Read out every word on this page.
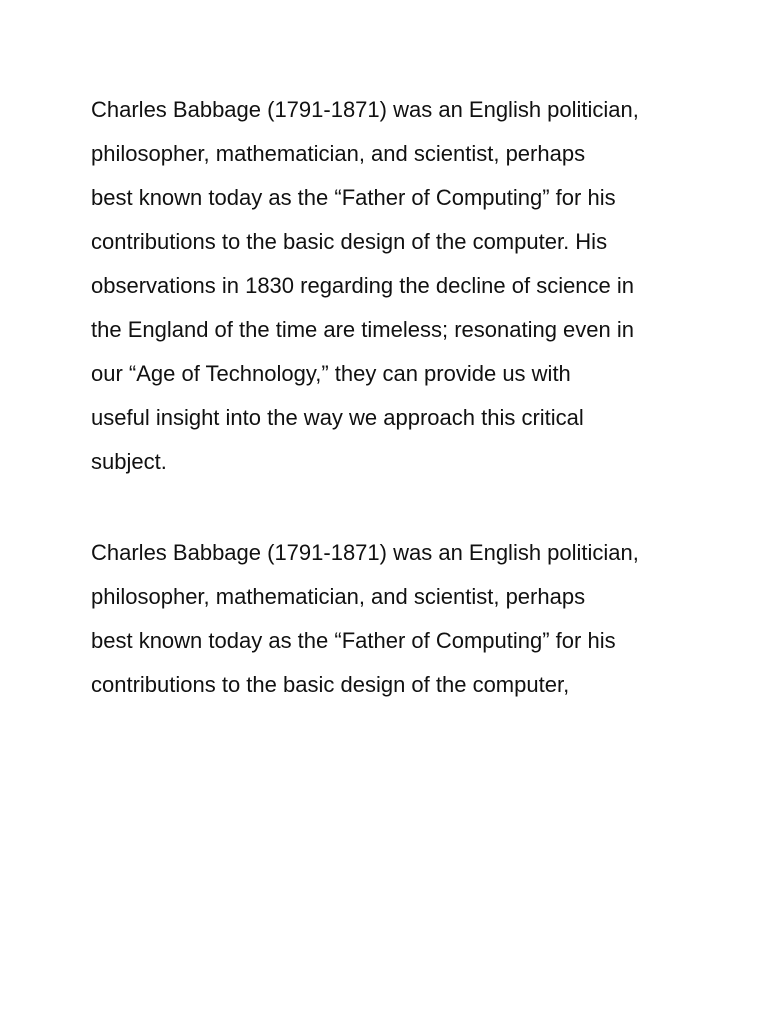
Charles Babbage (1791-1871) was an English politician,
philosopher, mathematician, and scientist, perhaps
best known today as the “Father of Computing” for his
contributions to the basic design of the computer. His
observations in 1830 regarding the decline of science in
the England of the time are timeless; resonating even in
our “Age of Technology,” they can provide us with
useful insight into the way we approach this critical
subject.

Charles Babbage (1791-1871) was an English politician,
philosopher, mathematician, and scientist, perhaps
best known today as the “Father of Computing” for his
contributions to the basic design of the computer,
